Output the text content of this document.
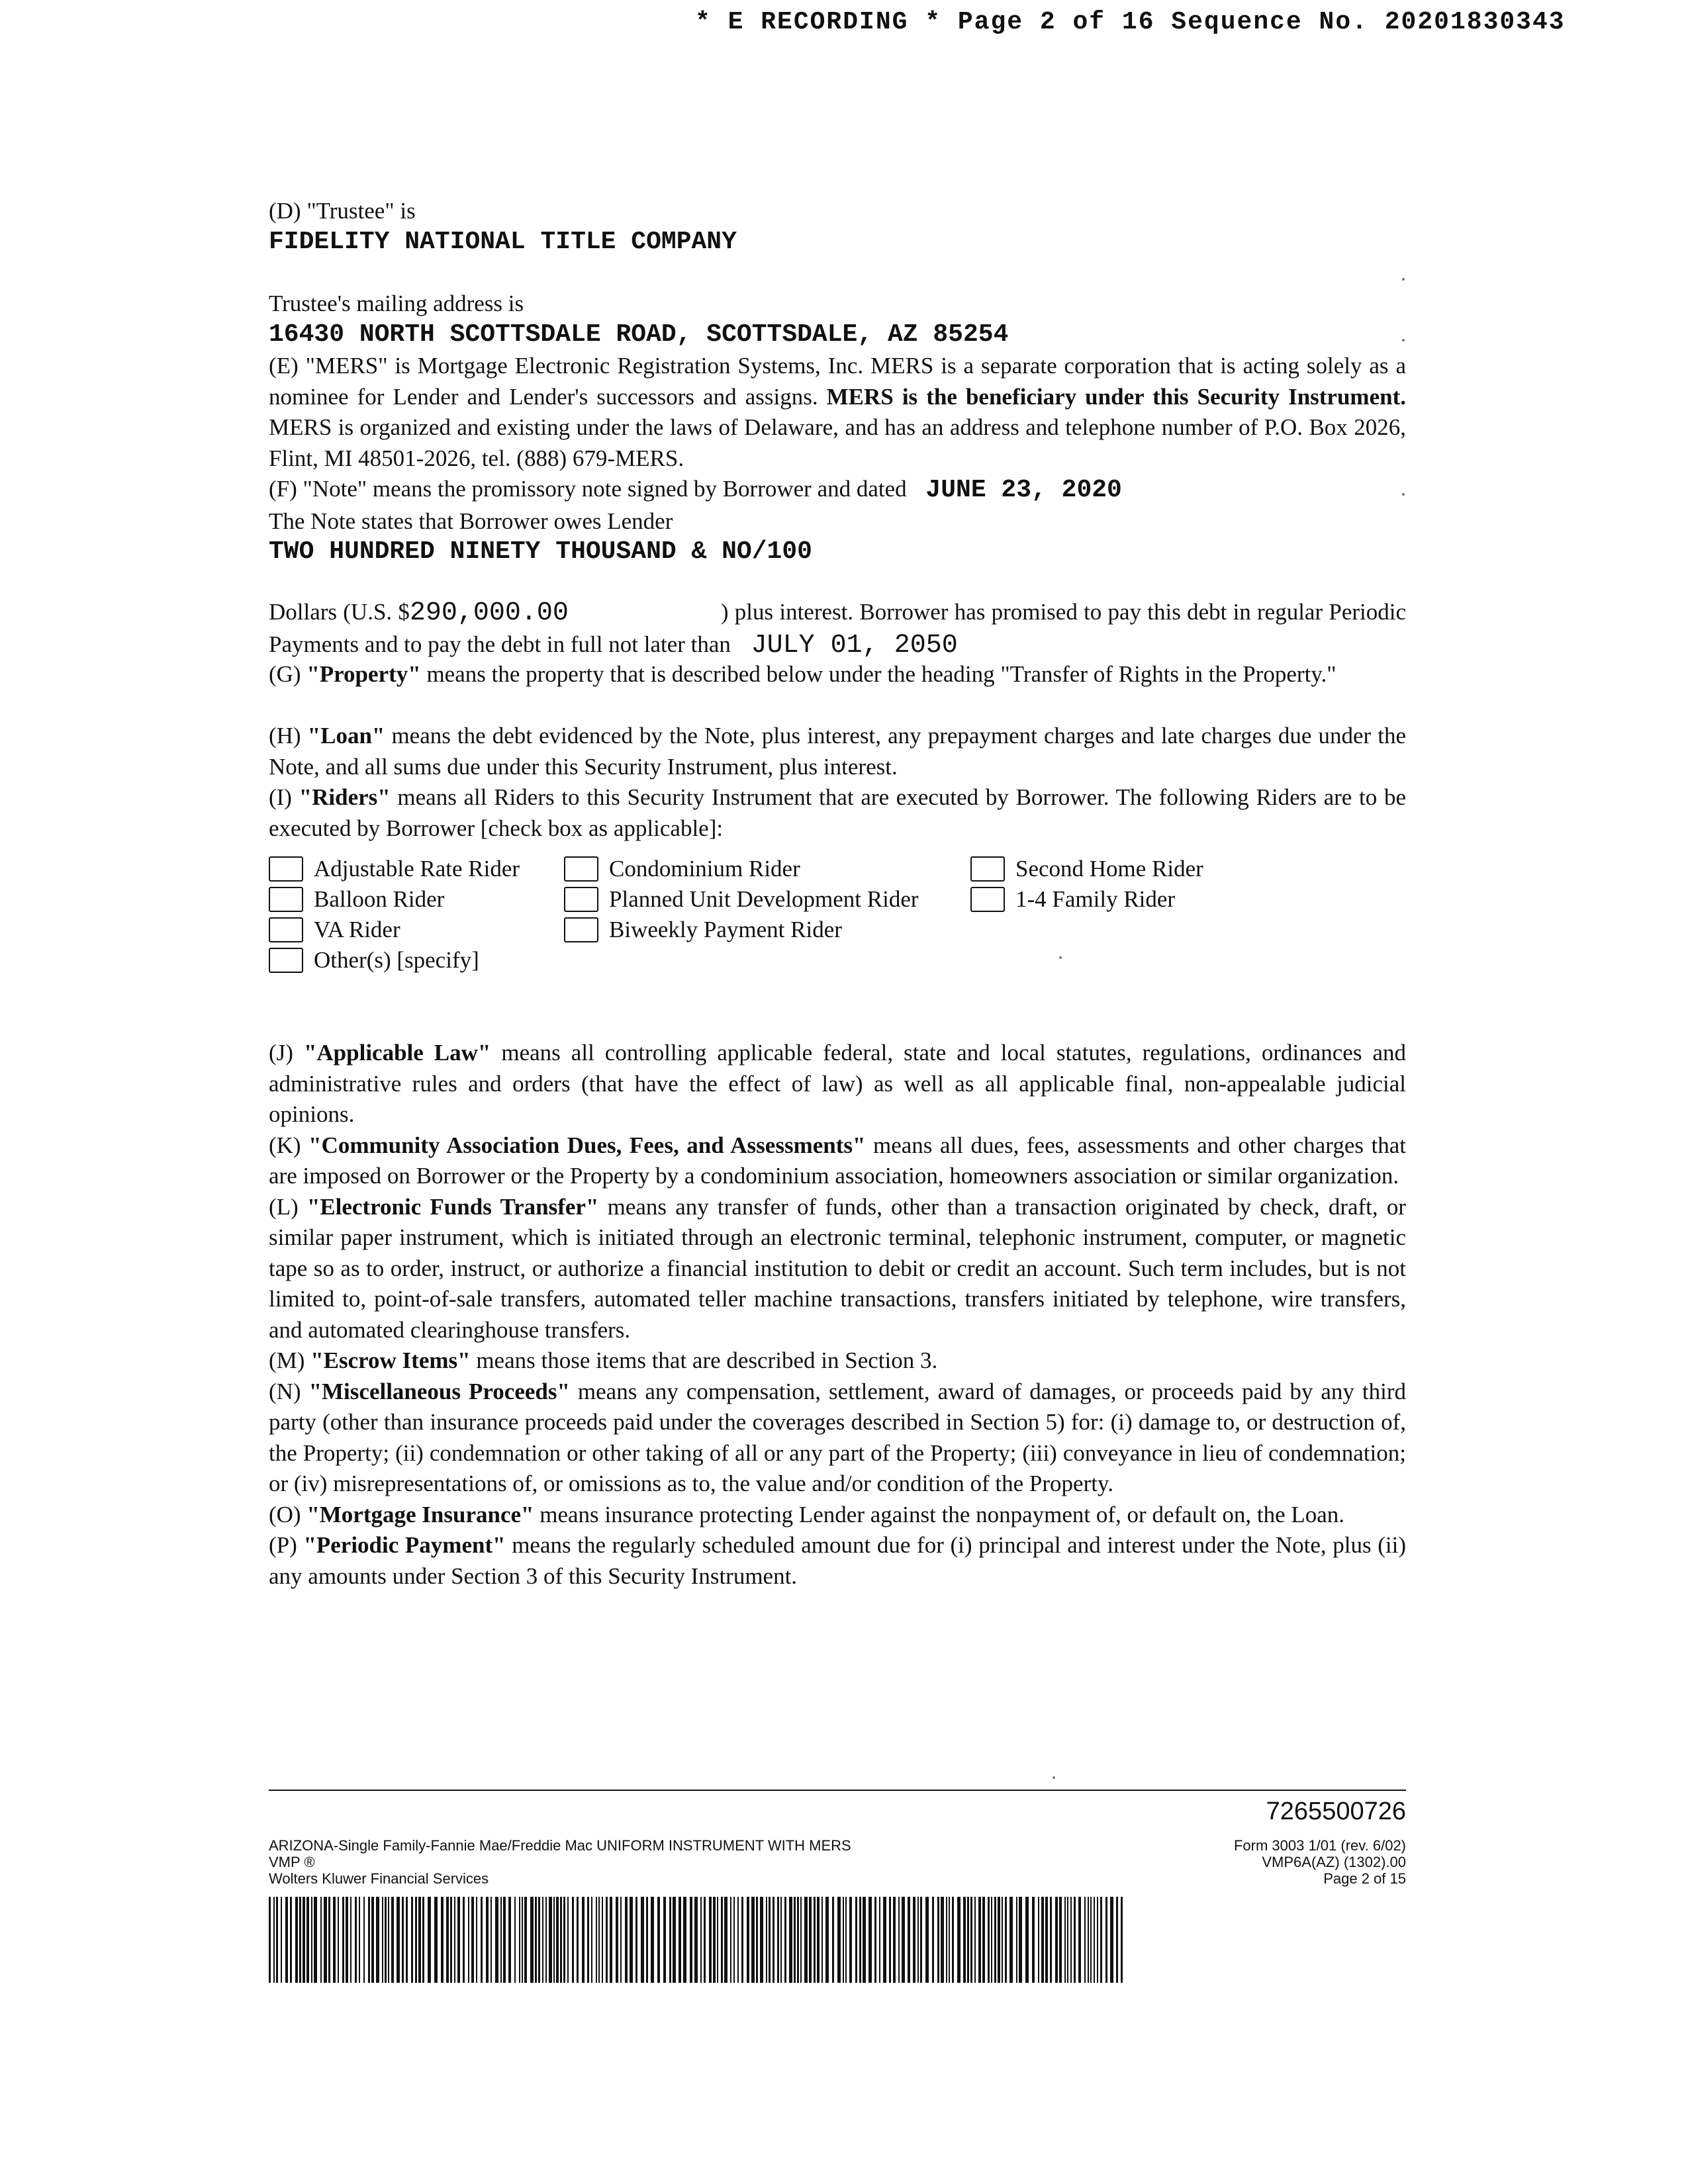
* E RECORDING * Page 2 of 16 Sequence No. 20201830343
(D) "Trustee" is
FIDELITY NATIONAL TITLE COMPANY
Trustee's mailing address is
16430 NORTH SCOTTSDALE ROAD, SCOTTSDALE, AZ 85254
(E) "MERS" is Mortgage Electronic Registration Systems, Inc. MERS is a separate corporation that is acting solely as a nominee for Lender and Lender's successors and assigns. MERS is the beneficiary under this Security Instrument. MERS is organized and existing under the laws of Delaware, and has an address and telephone number of P.O. Box 2026, Flint, MI 48501-2026, tel. (888) 679-MERS.
(F) "Note" means the promissory note signed by Borrower and dated JUNE 23, 2020
The Note states that Borrower owes Lender
TWO HUNDRED NINETY THOUSAND & NO/100
Dollars (U.S. $290,000.00	) plus interest. Borrower has promised to pay this debt in regular Periodic Payments and to pay the debt in full not later than JULY 01, 2050
(G) "Property" means the property that is described below under the heading "Transfer of Rights in the Property."
(H) "Loan" means the debt evidenced by the Note, plus interest, any prepayment charges and late charges due under the Note, and all sums due under this Security Instrument, plus interest.
(I) "Riders" means all Riders to this Security Instrument that are executed by Borrower. The following Riders are to be executed by Borrower [check box as applicable]:
Adjustable Rate Rider	Condominium Rider	Second Home Rider
Balloon Rider	Planned Unit Development Rider	1-4 Family Rider
VA Rider	Biweekly Payment Rider
Other(s) [specify]
(J) "Applicable Law" means all controlling applicable federal, state and local statutes, regulations, ordinances and administrative rules and orders (that have the effect of law) as well as all applicable final, non-appealable judicial opinions.
(K) "Community Association Dues, Fees, and Assessments" means all dues, fees, assessments and other charges that are imposed on Borrower or the Property by a condominium association, homeowners association or similar organization.
(L) "Electronic Funds Transfer" means any transfer of funds, other than a transaction originated by check, draft, or similar paper instrument, which is initiated through an electronic terminal, telephonic instrument, computer, or magnetic tape so as to order, instruct, or authorize a financial institution to debit or credit an account. Such term includes, but is not limited to, point-of-sale transfers, automated teller machine transactions, transfers initiated by telephone, wire transfers, and automated clearinghouse transfers.
(M) "Escrow Items" means those items that are described in Section 3.
(N) "Miscellaneous Proceeds" means any compensation, settlement, award of damages, or proceeds paid by any third party (other than insurance proceeds paid under the coverages described in Section 5) for: (i) damage to, or destruction of, the Property; (ii) condemnation or other taking of all or any part of the Property; (iii) conveyance in lieu of condemnation; or (iv) misrepresentations of, or omissions as to, the value and/or condition of the Property.
(O) "Mortgage Insurance" means insurance protecting Lender against the nonpayment of, or default on, the Loan.
(P) "Periodic Payment" means the regularly scheduled amount due for (i) principal and interest under the Note, plus (ii) any amounts under Section 3 of this Security Instrument.
7265500726
ARIZONA-Single Family-Fannie Mae/Freddie Mac UNIFORM INSTRUMENT WITH MERS
VMP ®
Wolters Kluwer Financial Services
Form 3003 1/01 (rev. 6/02)
VMP6A(AZ) (1302).00
Page 2 of 15
